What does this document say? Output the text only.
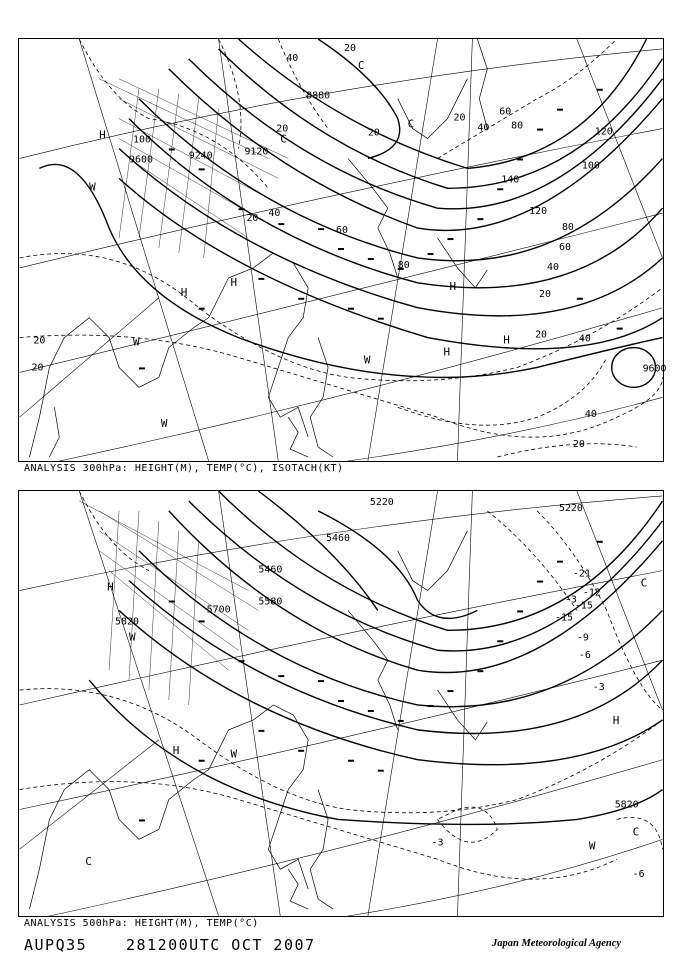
20
40
20	20
C	20
40
60
80
100
120
20 40
60	80
100
120
140
40
60
80
20
20	40
20
20
40
20
8880
9240	9120
9600
9600
H
H
H
H
H
H
W
W
W
W
C
C
ANALYSIS 300hPa: HEIGHT(M), TEMP(°C), ISOTACH(KT)
-21
-15
-12
-15
-9
-6
-3
-3
-6
-3
5220
5220
5460
5460
5580
5700
5820
5820
H
H
H
W
W
W
C
C
C
ANALYSIS 500hPa: HEIGHT(M), TEMP(°C)
AUPQ35	281200UTC OCT 2007	Japan Meteorological Agency
